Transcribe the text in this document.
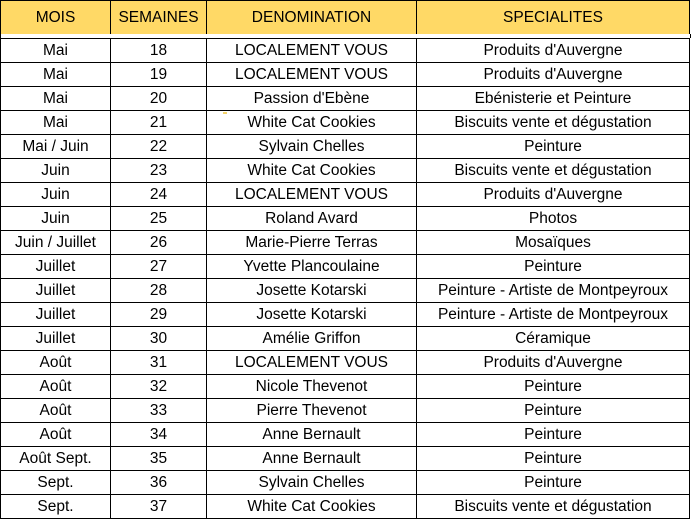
MOIS	SEMAINES	DENOMINATION	SPECIALITES
Mai	18	LOCALEMENT VOUS	Produits d'Auvergne
Mai	19	LOCALEMENT VOUS	Produits d'Auvergne
Mai	20	Passion d'Ebène	Ebénisterie et Peinture
Mai	21	White Cat Cookies	Biscuits vente et dégustation
Mai / Juin	22	Sylvain Chelles	Peinture
Juin	23	White Cat Cookies	Biscuits vente et dégustation
Juin	24	LOCALEMENT VOUS	Produits d'Auvergne
Juin	25	Roland Avard	Photos
Juin / Juillet	26	Marie-Pierre Terras	Mosaïques
Juillet	27	Yvette Plancoulaine	Peinture
Juillet	28	Josette Kotarski	Peinture - Artiste de Montpeyroux
Juillet	29	Josette Kotarski	Peinture - Artiste de Montpeyroux
Juillet	30	Amélie Griffon	Céramique
Août	31	LOCALEMENT VOUS	Produits d'Auvergne
Août	32	Nicole Thevenot	Peinture
Août	33	Pierre Thevenot	Peinture
Août	34	Anne Bernault	Peinture
Août Sept.	35	Anne Bernault	Peinture
Sept.	36	Sylvain Chelles	Peinture
Sept.	37	White Cat Cookies	Biscuits vente et dégustation
